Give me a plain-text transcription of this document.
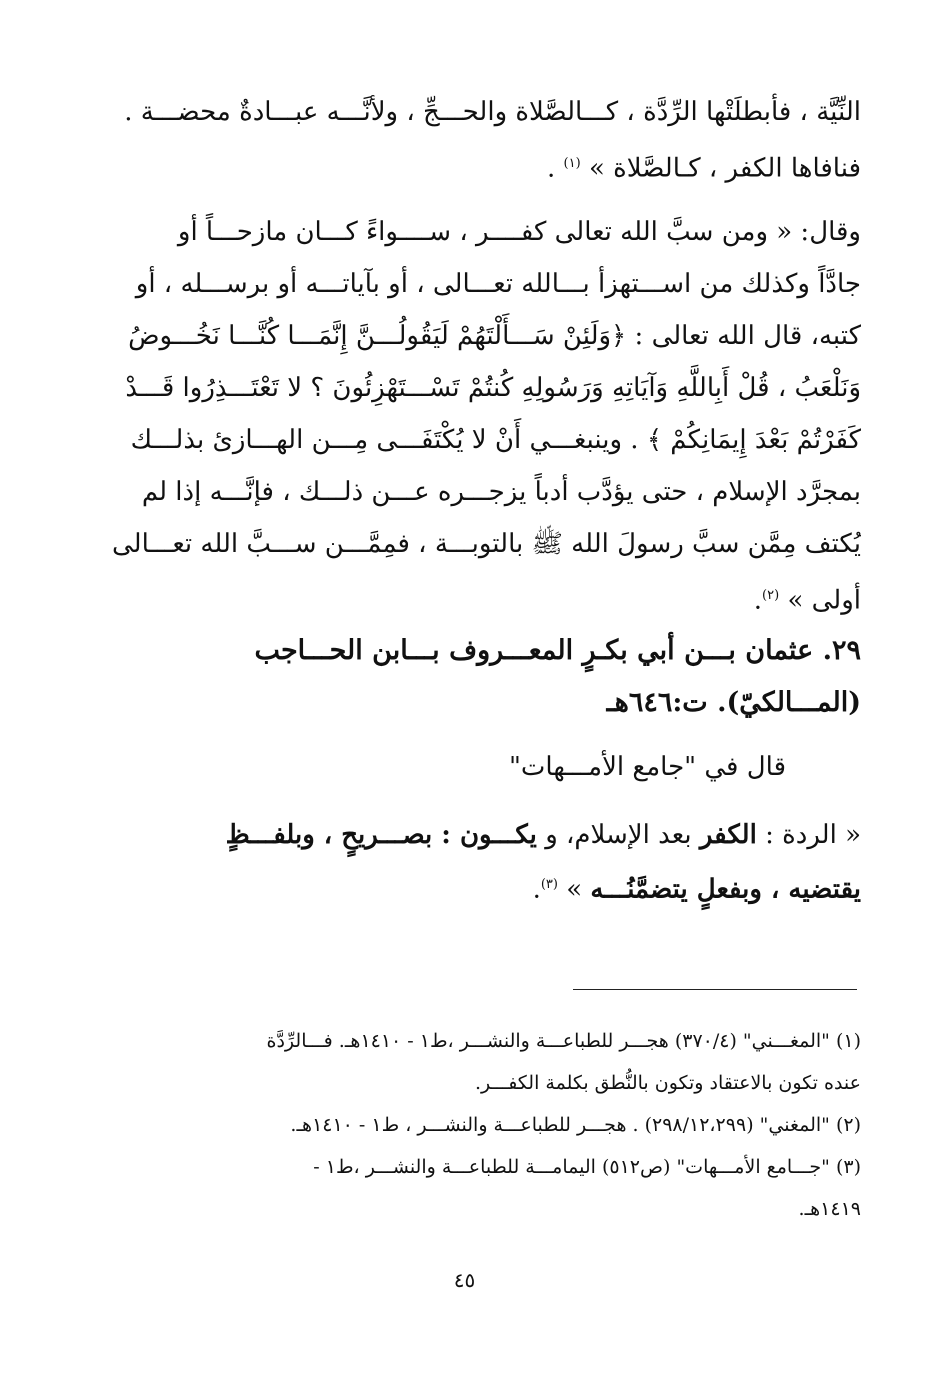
النِّيَّة ، فأبطلَتْها الرِّدَّة ، كـــالصَّلاة والحـــجِّ ، ولأنَّـــه عبـــادةٌ محضـــة .
فنافاها الكفر ، كـالصَّلاة » $^{(١)}$ .
وقال: « ومن سبَّ الله تعالى كفــــر ، ســــواءً كـــان مازحـــاً أو
جادَّاً وكذلك من اســـتهزأ بـــالله تعـــالى ، أو بآياتـــه أو برســـله ، أو
كتبه، قال الله تعالى : ﴿وَلَئِنْ سَـــأَلْتَهُمْ لَيَقُولُـــنَّ إِنَّمَـــا كُنَّـــا نَخُـــوضُ
وَنَلْعَبُ ، قُلْ أَبِاللَّهِ وَآيَاتِهِ وَرَسُولِهِ كُنتُمْ تَسْـــتَهْزِئُونَ ؟ لا تَعْتَـــذِرُوا قَـــدْ
كَفَرْتُمْ بَعْدَ إِيمَانِكُمْ ﴾ . وينبغـــي أَنْ لا يُكْتَفَـــى مِـــن الهـــازئ بذلـــك
بمجرَّد الإسلام ، حتى يؤدَّب أدباً يزجـــره عـــن ذلـــك ، فإنَّـــه إذا لم
يُكتف مِمَّن سبَّ رسولَ الله ﷺ بالتوبـــة ، فمِمَّـــن ســـبَّ الله تعـــالى
أولى » $^{(٢)}$.
٢٩. عثمان بـــن أبي بكـرٍ المعـــروف بـــابن الحـــاجب
(المـــالكيّ). ت:٦٤٦هـ
قال في "جامع الأمـــهات"
« الردة : الكفر بعد الإسلام، و يكـــون : بصـــريحٍ ، وبلفـــظٍ
يقتضيه ، وبفعلٍ يتضمَّنُـــه » $^{(٣)}$.
(١) "المغـــني" (٣٧٠/٤) هجـــر للطباعـــة والنشـــر ،ط١ - ١٤١٠هـ. فـــالرِّدَّة
عنده تكون بالاعتقاد وتكون بالنُّطق بكلمة الكفـــر.
(٢) "المغني" (٢٩٨/١٢،٢٩٩) . هجـــر للطباعـــة والنشـــر ، ط١ - ١٤١٠هـ.
(٣) "جـــامع الأمـــهات" (ص٥١٢) اليمامـــة للطباعـــة والنشـــر ،ط١ -
١٤١٩هـ.
٤٥
